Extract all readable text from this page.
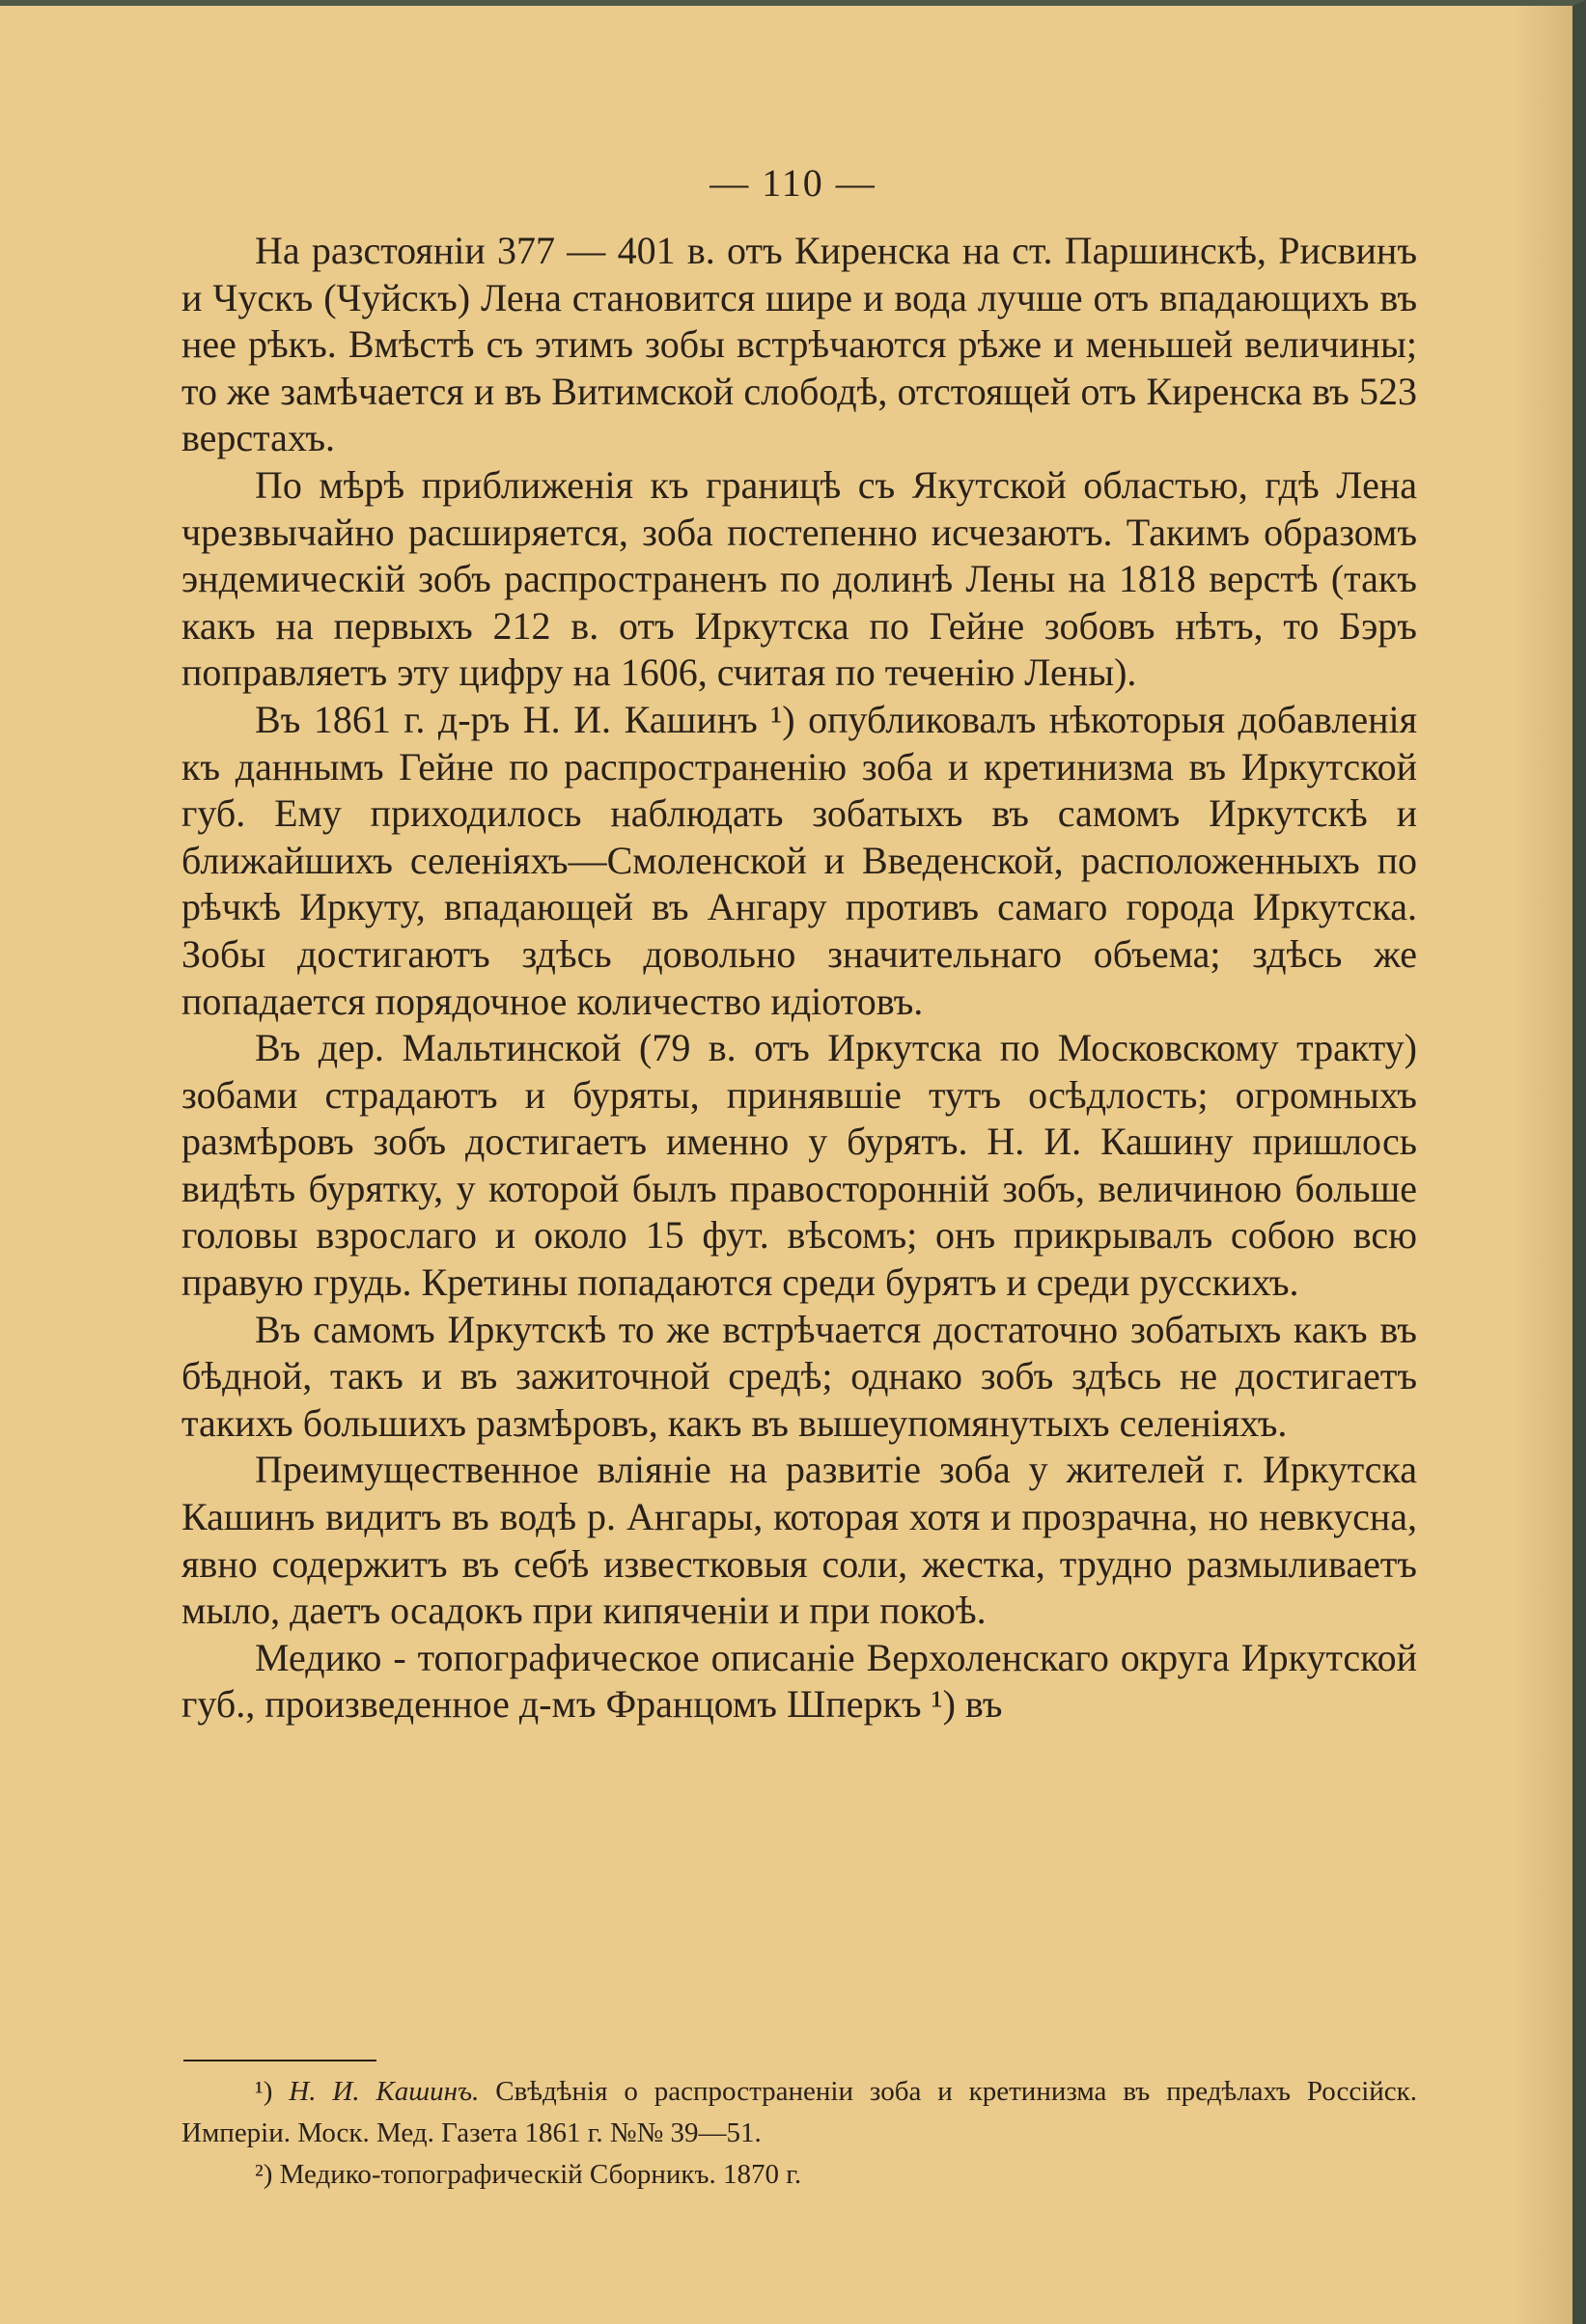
— 110 —

На разстояніи 377 — 401 в. отъ Киренска на ст. Паршинскѣ, Рисвинъ и Чускъ (Чуйскъ) Лена становится шире и вода лучше отъ впадающихъ въ нее рѣкъ. Вмѣстѣ съ этимъ зобы встрѣчаются рѣже и меньшей величины; то же замѣчается и въ Витимской слободѣ, отстоящей отъ Киренска въ 523 верстахъ.

По мѣрѣ приближенія къ границѣ съ Якутской областью, гдѣ Лена чрезвычайно расширяется, зоба постепенно исчезаютъ. Такимъ образомъ эндемическій зобъ распространенъ по долинѣ Лены на 1818 верстѣ (такъ какъ на первыхъ 212 в. отъ Иркутска по Гейне зобовъ нѣтъ, то Бэръ поправляетъ эту цифру на 1606, считая по теченію Лены).

Въ 1861 г. д-ръ Н. И. Кашинъ ¹) опубликовалъ нѣкоторыя добавленія къ даннымъ Гейне по распространенію зоба и кретинизма въ Иркутской губ. Ему приходилось наблюдать зобатыхъ въ самомъ Иркутскѣ и ближайшихъ селеніяхъ—Смоленской и Введенской, расположенныхъ по рѣчкѣ Иркуту, впадающей въ Ангару противъ самаго города Иркутска. Зобы достигаютъ здѣсь довольно значительнаго объема; здѣсь же попадается порядочное количество идіотовъ.

Въ дер. Мальтинской (79 в. отъ Иркутска по Московскому тракту) зобами страдаютъ и буряты, принявшіе тутъ осѣдлость; огромныхъ размѣровъ зобъ достигаетъ именно у бурятъ. Н. И. Кашину пришлось видѣть бурятку, у которой былъ правосторонній зобъ, величиною больше головы взрослаго и около 15 фут. вѣсомъ; онъ прикрывалъ собою всю правую грудь. Кретины попадаются среди бурятъ и среди русскихъ.

Въ самомъ Иркутскѣ то же встрѣчается достаточно зобатыхъ какъ въ бѣдной, такъ и въ зажиточной средѣ; однако зобъ здѣсь не достигаетъ такихъ большихъ размѣровъ, какъ въ вышеупомянутыхъ селеніяхъ.

Преимущественное вліяніе на развитіе зоба у жителей г. Иркутска Кашинъ видитъ въ водѣ р. Ангары, которая хотя и прозрачна, но невкусна, явно содержитъ въ себѣ известковыя соли, жестка, трудно размыливаетъ мыло, даетъ осадокъ при кипяченіи и при покоѣ.

Медико - топографическое описаніе Верхоленскаго округа Иркутской губ., произведенное д-мъ Францомъ Шперкъ ¹) въ

¹) Н. И. Кашинъ. Свѣдѣнія о распространеніи зоба и кретинизма въ предѣлахъ Россійск. Имперіи. Моск. Мед. Газета 1861 г. №№ 39—51.

²) Медико-топографическій Сборникъ. 1870 г.
